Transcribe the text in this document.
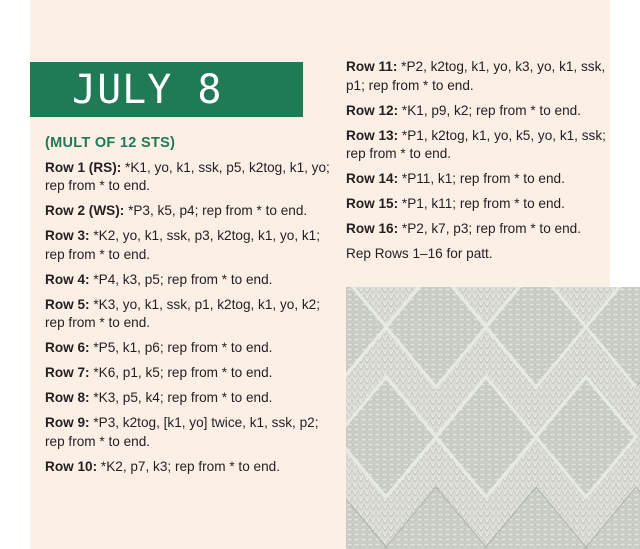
JULY 8
(MULT OF 12 STS)
Row 1 (RS): *K1, yo, k1, ssk, p5, k2tog, k1, yo; rep from * to end.
Row 2 (WS): *P3, k5, p4; rep from * to end.
Row 3: *K2, yo, k1, ssk, p3, k2tog, k1, yo, k1; rep from * to end.
Row 4: *P4, k3, p5; rep from * to end.
Row 5: *K3, yo, k1, ssk, p1, k2tog, k1, yo, k2; rep from * to end.
Row 6: *P5, k1, p6; rep from * to end.
Row 7: *K6, p1, k5; rep from * to end.
Row 8: *K3, p5, k4; rep from * to end.
Row 9: *P3, k2tog, [k1, yo] twice, k1, ssk, p2; rep from * to end.
Row 10: *K2, p7, k3; rep from * to end.
Row 11: *P2, k2tog, k1, yo, k3, yo, k1, ssk, p1; rep from * to end.
Row 12: *K1, p9, k2; rep from * to end.
Row 13: *P1, k2tog, k1, yo, k5, yo, k1, ssk; rep from * to end.
Row 14: *P11, k1; rep from * to end.
Row 15: *P1, k11; rep from * to end.
Row 16: *P2, k7, p3; rep from * to end.
Rep Rows 1–16 for patt.
